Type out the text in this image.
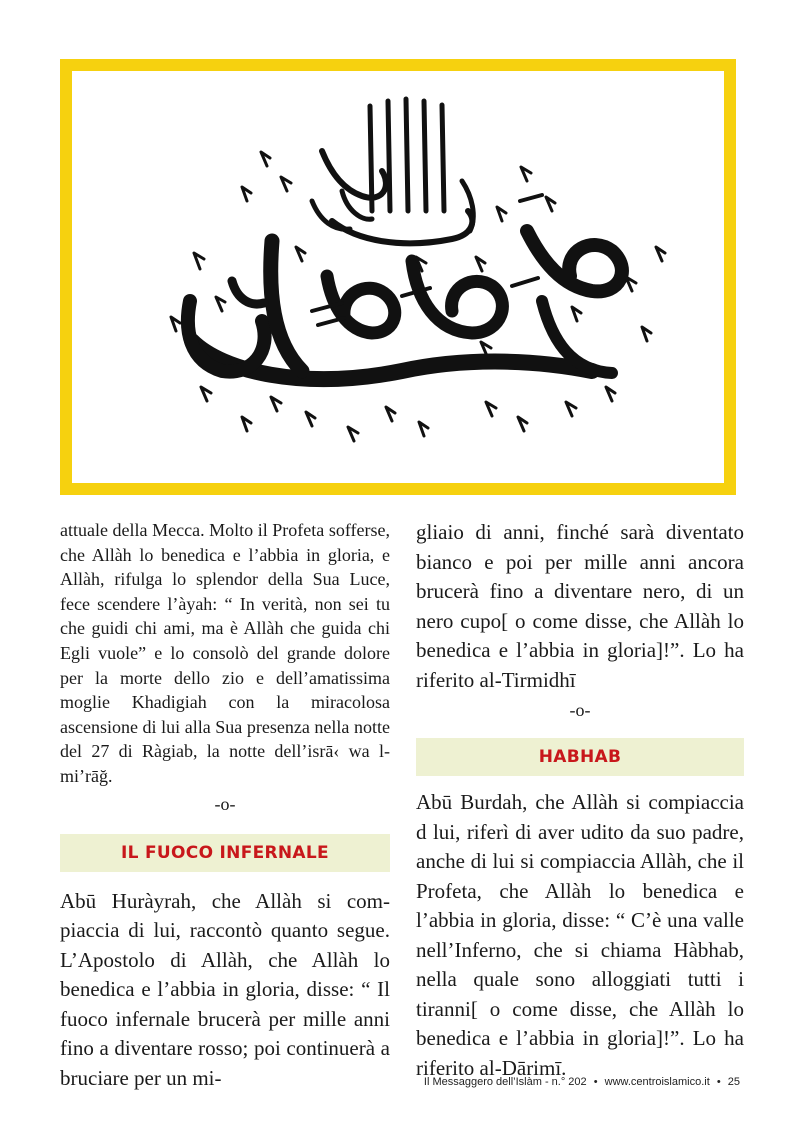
attuale della Mecca. Molto il Profeta sofferse, che Allàh lo benedica e l’abbia in gloria, e Allàh, rifulga lo splendor della Sua Luce, fece scendere l’àyah: “ In verità, non sei tu che guidi chi ami, ma è Allàh che guida chi Egli vuole” e lo consolò del grande dolore per la morte dello zio e dell’amatissima moglie Khadigiah con la miracolosa ascensione di lui alla Sua presenza nella notte del 27 di Ràgiab, la notte dell’isrā‹ wa l-mi’rāğ.

-o-
IL FUOCO INFERNALE

Abū Huràyrah, che Allàh si compiaccia di lui, raccontò quanto segue. L’Apostolo di Allàh, che Allàh lo benedica e l’abbia in gloria, disse: “ Il fuoco infernale brucerà per mille anni fino a diventare rosso; poi continuerà a bruciare per un mi-

gliaio di anni, finché sarà diventato bianco e poi per mille anni ancora brucerà fino a diventare nero, di un nero cupo[ o come disse, che Allàh lo benedica e l’abbia in gloria]!”. Lo ha riferito al-Tirmidhī

-o-
HABHAB

Abū Burdah, che Allàh si compiaccia d lui, riferì di aver udito da suo padre, anche di lui si compiaccia Allàh, che il Profeta, che Allàh lo benedica e l’abbia in gloria, disse: “ C’è una valle nell’Inferno, che si chiama Hàbhab, nella quale sono alloggiati tutti i tiranni[ o come disse, che Allàh lo benedica e l’abbia in gloria]!”. Lo ha riferito al-Dārimī.

Il Messaggero dell’Islàm - n.° 202 • www.centroislamico.it • 25
